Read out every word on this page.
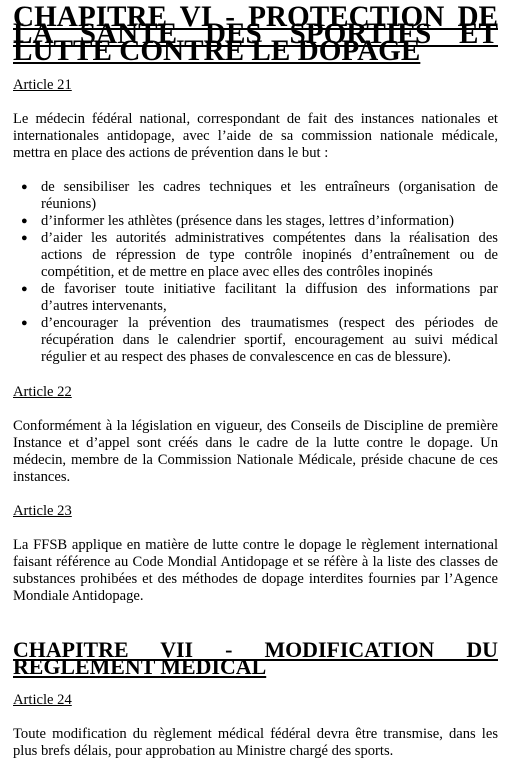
CHAPITRE VI - PROTECTION DE LA SANTE DES SPORTIFS ET LUTTE CONTRE LE DOPAGE
Article 21

Le médecin fédéral national, correspondant de fait des instances nationales et internationales antidopage, avec l’aide de sa commission nationale médicale, mettra en place des actions de prévention dans le but :

● de sensibiliser les cadres techniques et les entraîneurs (organisation de réunions)
● d’informer les athlètes (présence dans les stages, lettres d’information)
● d’aider les autorités administratives compétentes dans la réalisation des actions de répression de type contrôle inopinés d’entraînement ou de compétition, et de mettre en place avec elles des contrôles inopinés
● de favoriser toute initiative facilitant la diffusion des informations par d’autres intervenants,
● d’encourager la prévention des traumatismes (respect des périodes de récupération dans le calendrier sportif, encouragement au suivi médical régulier et au respect des phases de convalescence en cas de blessure).
Article 22

Conformément à la législation en vigueur, des Conseils de Discipline de première Instance et d’appel sont créés dans le cadre de la lutte contre le dopage. Un médecin, membre de la Commission Nationale Médicale, préside chacune de ces instances.

Article 23

La FFSB applique en matière de lutte contre le dopage le règlement international faisant référence au Code Mondial Antidopage et se réfère à la liste des classes de substances prohibées et des méthodes de dopage interdites fournies par l’Agence Mondiale Antidopage.

CHAPITRE VII - MODIFICATION DU REGLEMENT MEDICAL
Article 24

Toute modification du règlement médical fédéral devra être transmise, dans les plus brefs délais, pour approbation au Ministre chargé des sports.
